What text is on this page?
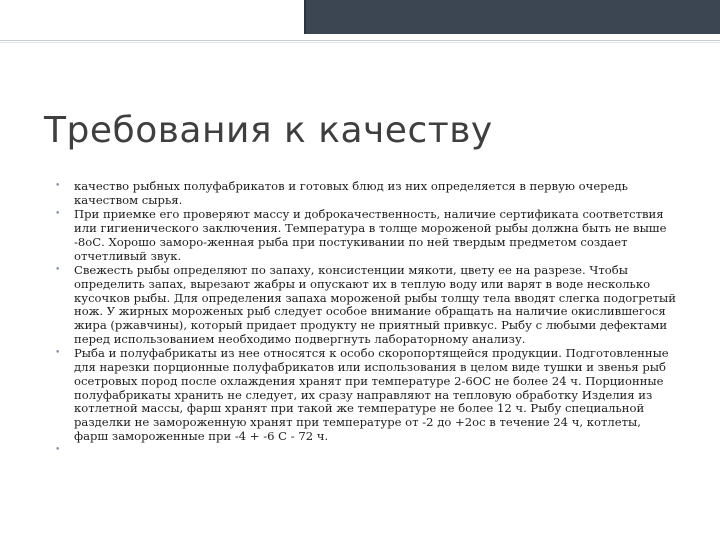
Требования к качеству
• качество рыбных полуфабрикатов и готовых блюд из них определяется в первую очередь качеством сырья.
• При приемке его проверяют массу и доброкачественность, наличие сертификата соответствия или гигиенического заключения. Температура в толще мороженой рыбы должна быть не выше -8оС. Хорошо заморо-женная рыба при постукивании по ней твердым предметом создает отчетливый звук.
• Свежесть рыбы определяют по запаху, консистенции мякоти, цвету ее на разрезе. Чтобы определить запах, вырезают жабры и опускают их в теплую воду или варят в воде несколько кусочков рыбы. Для определения запаха мороженой рыбы толщу тела вводят слегка подогретый нож. У жирных мороженых рыб следует особое внимание обращать на наличие окислившегося жира (ржавчины), который придает продукту не приятный привкус. Рыбу с любыми дефектами перед использованием необходимо подвергнуть лабораторному анализу.
• Рыба и полуфабрикаты из нее относятся к особо скоропортящейся продукции. Подготовленные для нарезки порционные полуфабрикатов или использования в целом виде тушки и звенья рыб осетровых пород после охлаждения хранят при температуре 2-6ОС не более 24 ч. Порционные полуфабрикаты хранить не следует, их сразу направляют на тепловую обработку Изделия из котлетной массы, фарш хранят при такой же температуре не более 12 ч. Рыбу специальной разделки не замороженную хранят при температуре от -2 до +2ос в течение 24 ч, котлеты, фарш замороженные при -4 + -6 С - 72 ч.
•
